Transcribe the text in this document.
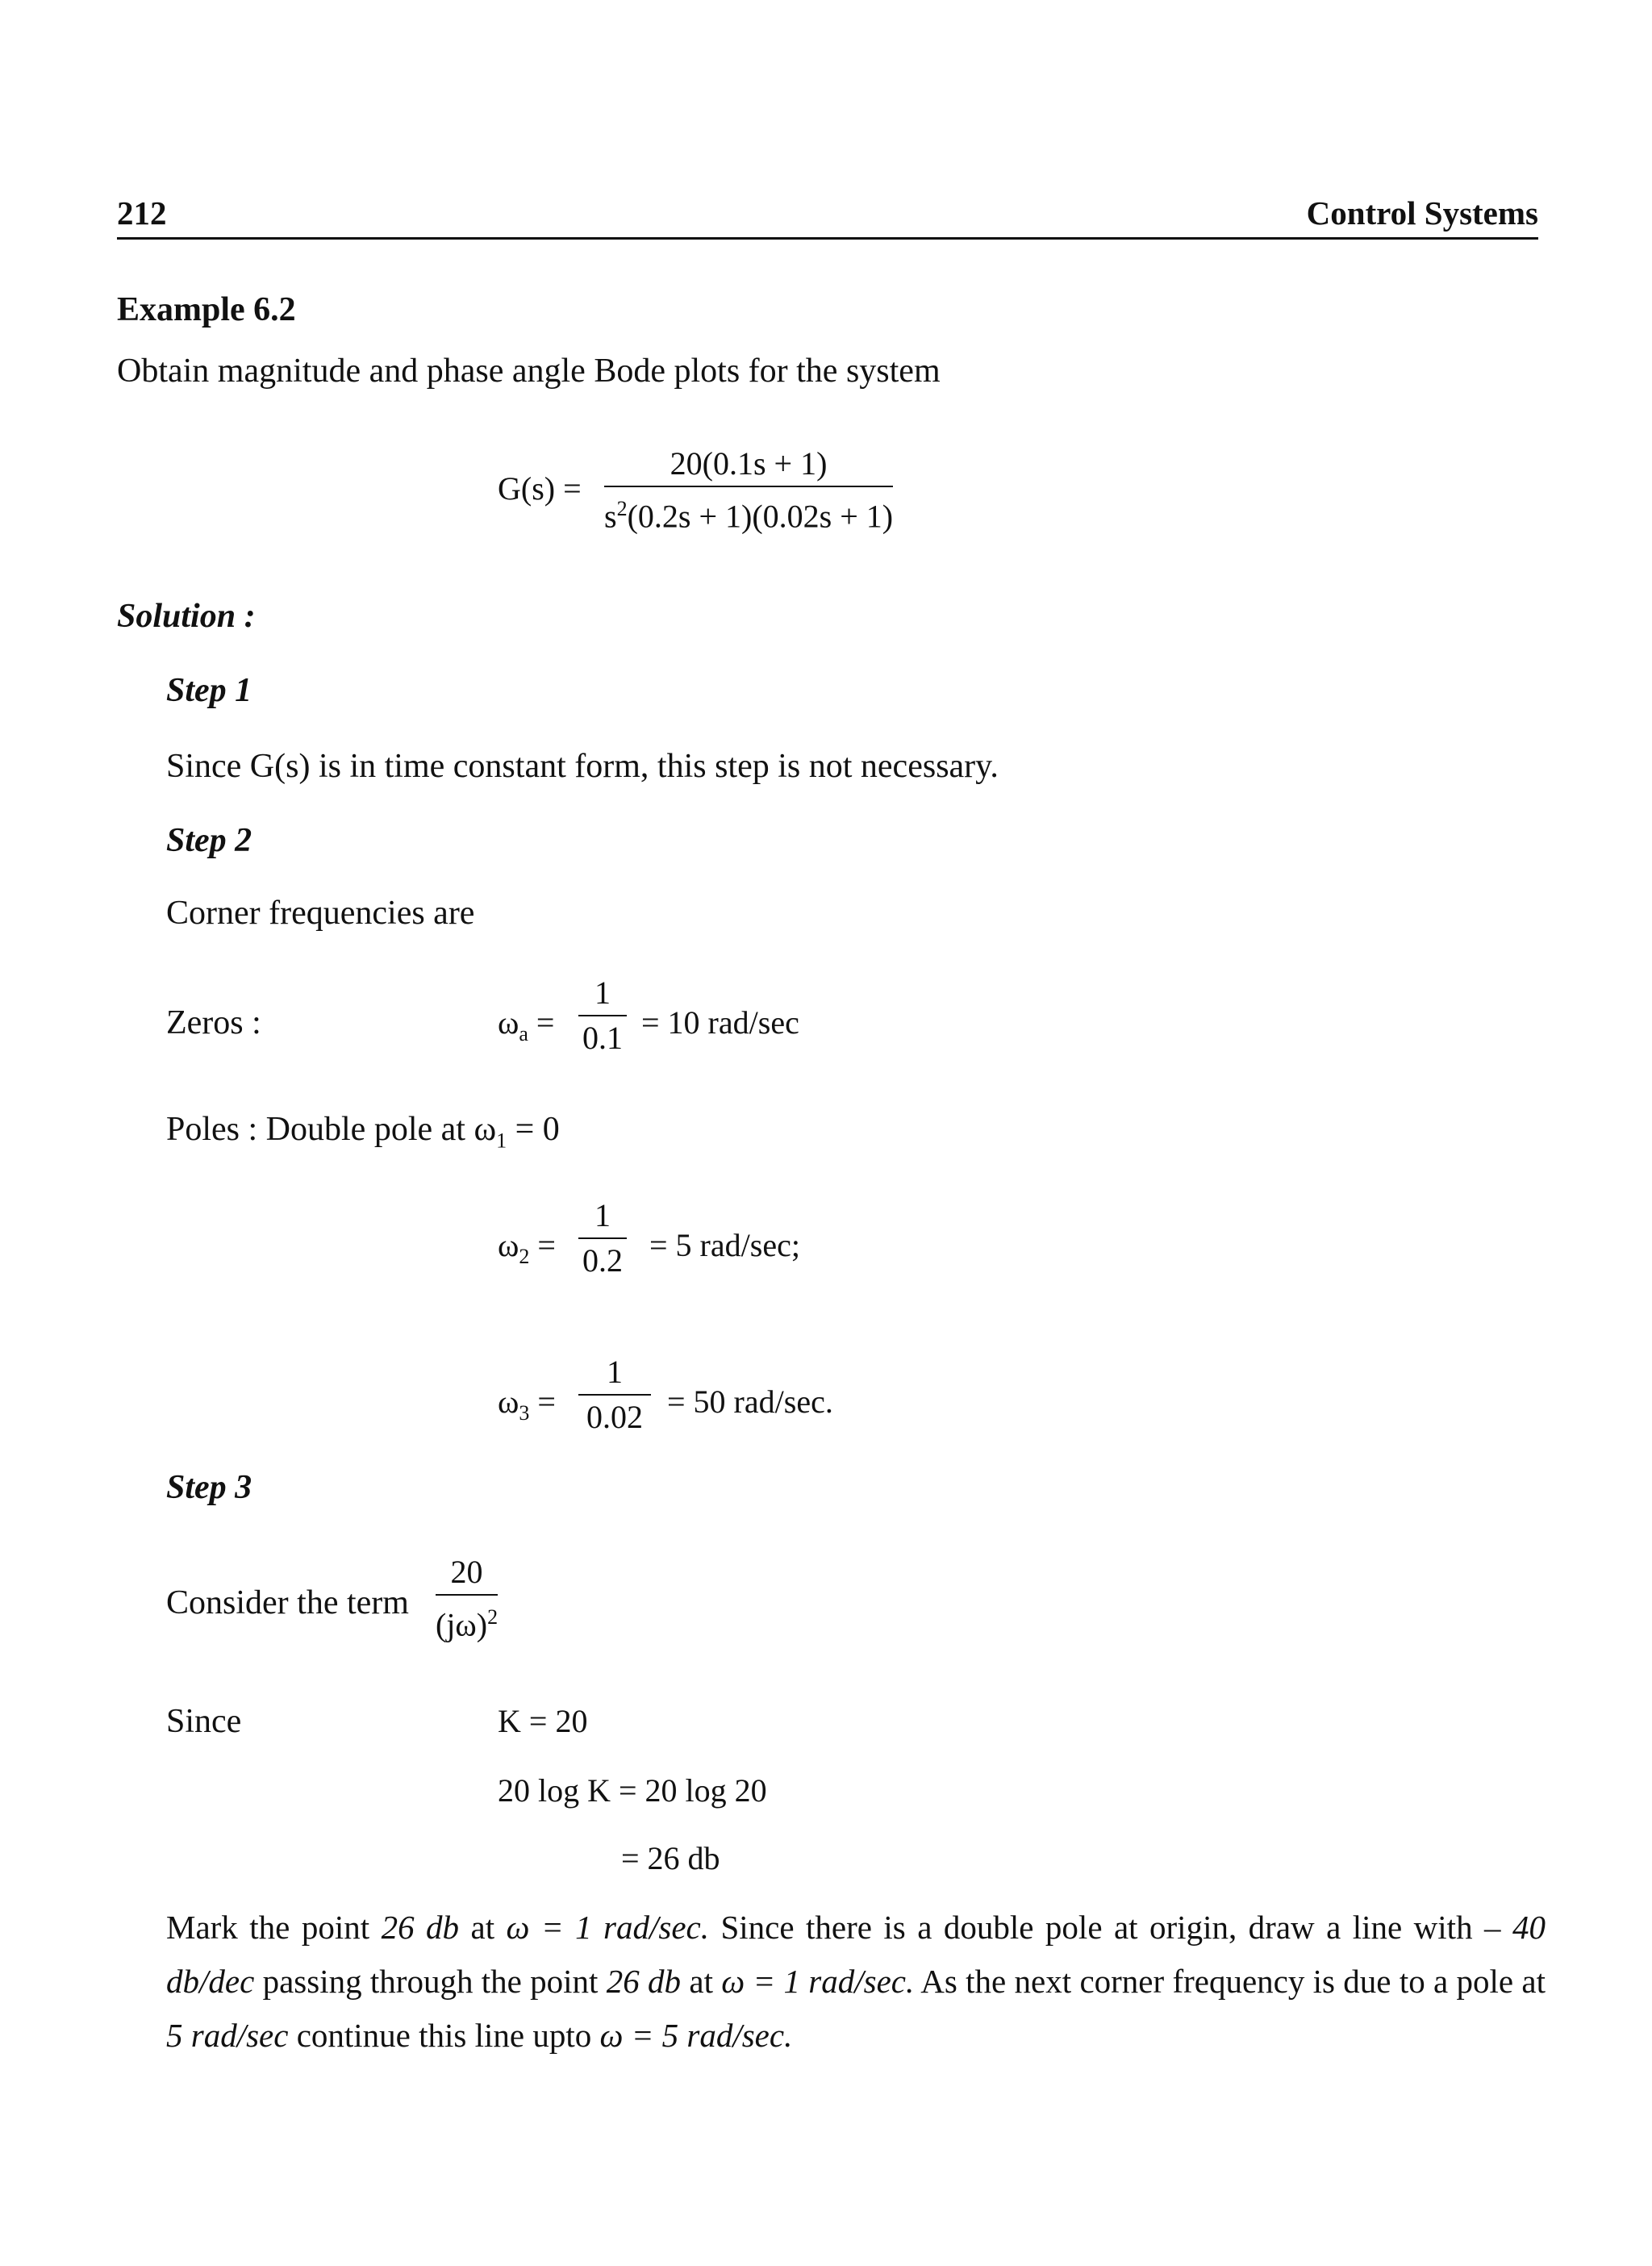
212	Control Systems
Example 6.2
Obtain magnitude and phase angle Bode plots for the system
G(s) =
20(0.1s + 1)
$s^2(0.2s + 1)(0.02s + 1)$
Solution :
Step 1
Since G(s) is in time constant form, this step is not necessary.
Step 2
Corner frequencies are
Zeros :	$\omega_a$ =
1
0.1 = 10 rad/sec
Poles : Double pole at $\omega_1 = 0$
$\omega_2$ =
1
0.2 = 5 rad/sec;
$\omega_3$ =
1
0.02 = 50 rad/sec.
Step 3
Consider the term
20
$(j\omega)^2$
Since	K = 20
20 log K = 20 log 20
= 26 db
Mark the point 26 db at ω = 1 rad/sec. Since there is a double pole at origin, draw a line with – 40 db/dec passing through the point 26 db at ω = 1 rad/sec. As the next corner frequency is due to a pole at 5 rad/sec continue this line upto ω = 5 rad/sec.
